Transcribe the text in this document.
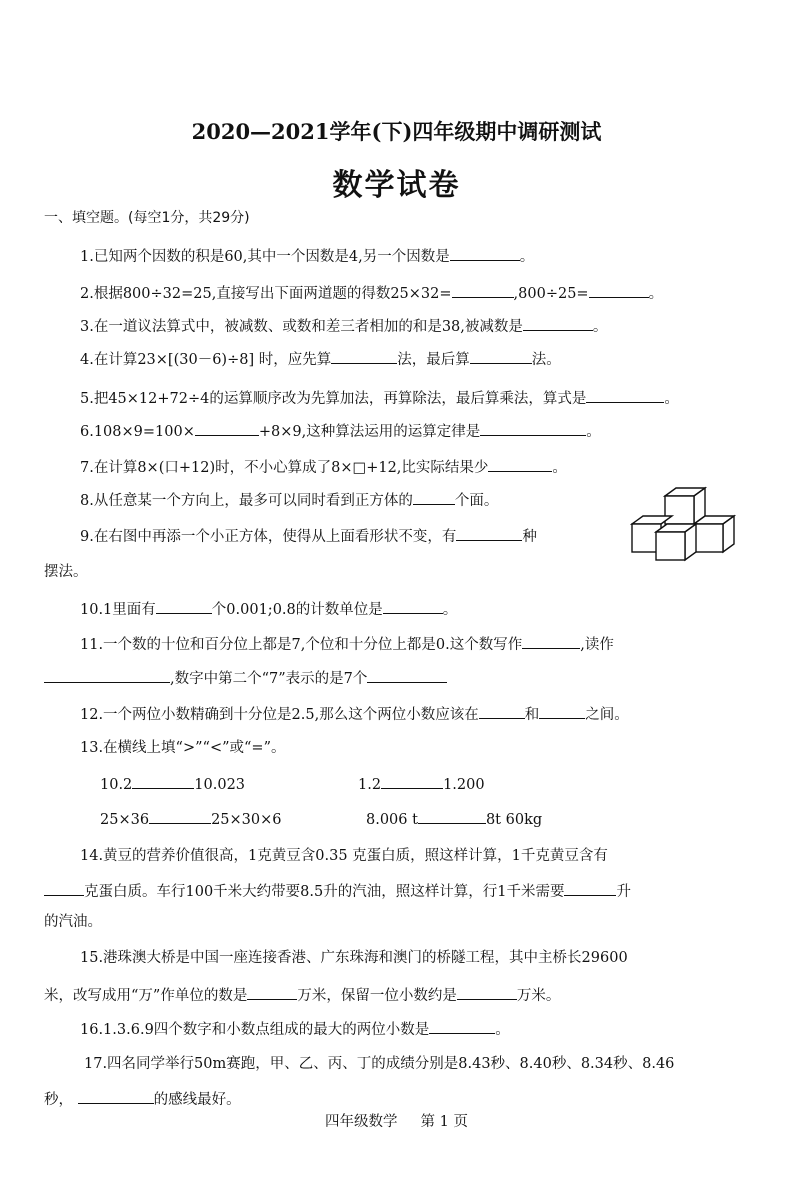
2020—2021学年(下)四年级期中调研测试
数学试卷
一、填空题。(每空1分，共29分)
1.已知两个因数的积是60,其中一个因数是4,另一个因数是	。
2.根据800÷32=25,直接写出下面两道题的得数25×32=	,800÷25=	。
3.在一道议法算式中，被减数、或数和差三者相加的和是38,被减数是	。
4.在计算23×[(30－6)÷8] 时，应先算	法，最后算	法。
5.把45×12+72÷4的运算顺序改为先算加法，再算除法，最后算乘法，算式是	。
6.108×9=100×	+8×9,这种算法运用的运算定律是	。
7.在计算8×(口+12)时，不小心算成了8×□+12,比实际结果少	。
8.从任意某一个方向上，最多可以同时看到正方体的	个面。
9.在右图中再添一个小正方体，使得从上面看形状不变，有	种
摆法。
10.1里面有	个0.001;0.8的计数单位是	。
11.一个数的十位和百分位上都是7,个位和十分位上都是0.这个数写作	,读作
,数字中第二个“7”表示的是7个
12.一个两位小数精确到十分位是2.5,那么这个两位小数应该在	和	之间。
13.在横线上填“>”“<”或“=”。
10.2	10.023	1.2	1.200
25×36	25×30×6	8.006 t	8t 60kg
14.黄豆的营养价值很高，1克黄豆含0.35 克蛋白质，照这样计算，1千克黄豆含有
克蛋白质。车行100千米大约带要8.5升的汽油，照这样计算，行1千米需要	升
的汽油。
15.港珠澳大桥是中国一座连接香港、广东珠海和澳门的桥隧工程，其中主桥长29600
米，改写成用“万”作单位的数是	万米，保留一位小数约是	万米。
16.1.3.6.9四个数字和小数点组成的最大的两位小数是	。
17.四名同学举行50m赛跑，甲、乙、丙、丁的成绩分别是8.43秒、8.40秒、8.34秒、8.46
秒，	的感线最好。
四年级数学     第 1 页
